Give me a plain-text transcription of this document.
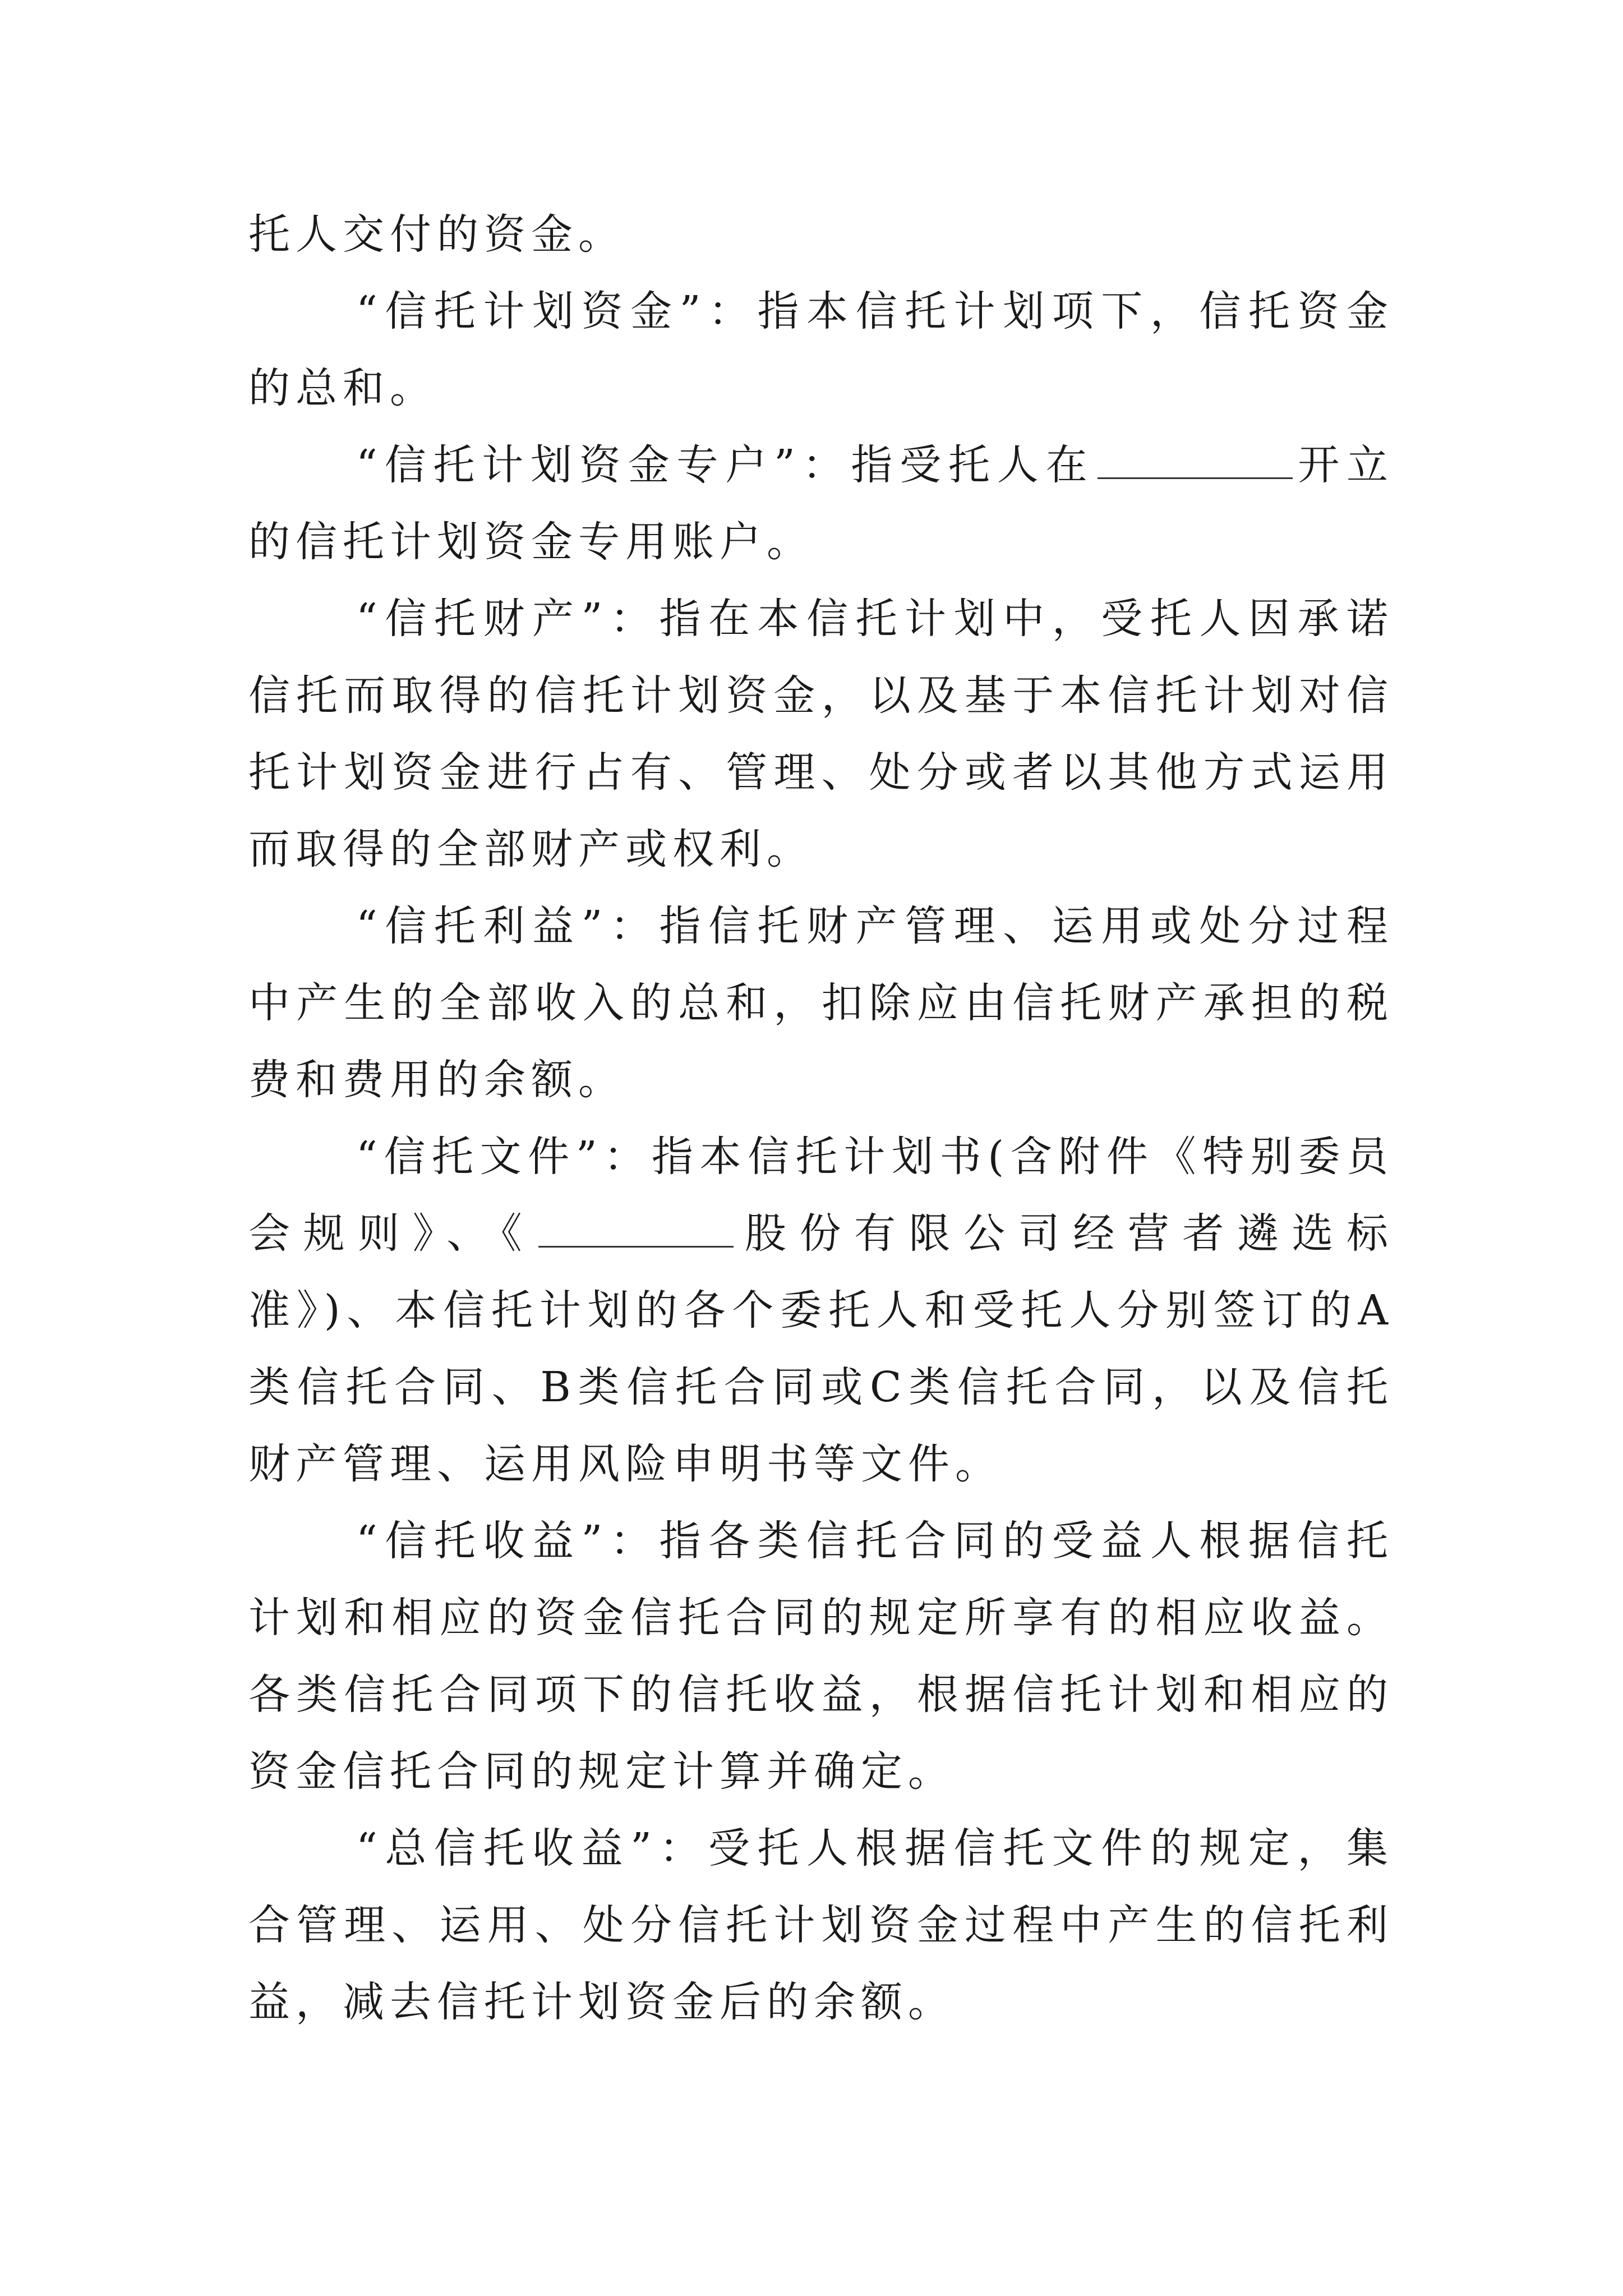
托人交付的资金。

“信托计划资金”：指本信托计划项下，信托资金的总和。

“信托计划资金专户”：指受托人在	开立的信托计划资金专用账户。

“信托财产”：指在本信托计划中，受托人因承诺信托而取得的信托计划资金，以及基于本信托计划对信托计划资金进行占有、管理、处分或者以其他方式运用而取得的全部财产或权利。

“信托利益”：指信托财产管理、运用或处分过程中产生的全部收入的总和，扣除应由信托财产承担的税费和费用的余额。

“信托文件”：指本信托计划书(含附件《特别委员会规则》、《	股份有限公司经营者遴选标准》)、本信托计划的各个委托人和受托人分别签订的A类信托合同、B类信托合同或C类信托合同，以及信托财产管理、运用风险申明书等文件。

“信托收益”：指各类信托合同的受益人根据信托计划和相应的资金信托合同的规定所享有的相应收益。各类信托合同项下的信托收益，根据信托计划和相应的资金信托合同的规定计算并确定。

“总信托收益”：受托人根据信托文件的规定，集合管理、运用、处分信托计划资金过程中产生的信托利益，减去信托计划资金后的余额。
